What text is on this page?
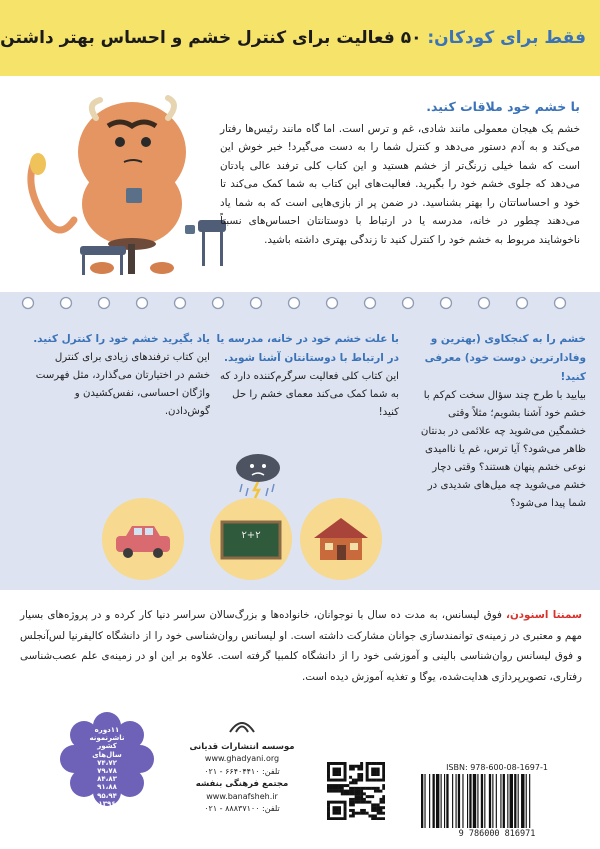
فقط برای کودکان: ۵۰ فعالیت برای کنترل خشم و احساس بهتر داشتن
با خشم خود ملاقات کنید.

خشم یک هیجان معمولی مانند شادی، غم و ترس است. اما گاه مانند رئیس‌ها رفتار می‌کند و به آدم دستور می‌دهد و کنترل شما را به دست می‌گیرد! خبر خوش این است که شما خیلی زرنگ‌تر از خشم هستید و این کتاب کلی ترفند عالی یادتان می‌دهد که جلوی خشم خود را بگیرید. فعالیت‌های این کتاب به شما کمک می‌کند تا خود و احساساتتان را بهتر بشناسید. در ضمن پر از بازی‌هایی است که به شما یاد می‌دهند چطور در خانه، مدرسه یا در ارتباط با دوستانتان احساس‌های نسبتاً ناخوشایند مربوط به خشم خود را کنترل کنید تا زندگی بهتری داشته باشید.

خشم را به کنجکاوی (بهترین و وفادارترین دوست خود) معرفی کنید!
بیایید با طرح چند سؤال سخت کم‌کم با خشم خود آشنا بشویم؛ مثلاً وقتی خشمگین می‌شوید چه علائمی در بدنتان ظاهر می‌شود؟ آیا ترس، غم یا ناامیدی نوعی خشم پنهان هستند؟ وقتی دچار خشم می‌شوید چه میل‌های شدیدی در شما پیدا می‌شود؟
با علت خشم خود در خانه، مدرسه یا در ارتباط با دوستانتان آشنا شوید.
این کتاب کلی فعالیت سرگرم‌کننده دارد که به شما کمک می‌کند معمای خشم را حل کنید!
یاد بگیرید خشم خود را کنترل کنید.
این کتاب ترفندهای زیادی برای کنترل خشم در اختیارتان می‌گذارد، مثل فهرست واژگان احساسی، نفس‌کشیدن و گوش‌دادن.
۲+۲
سمنتا اسنودن، فوق لیسانس، به مدت ده سال با نوجوانان، خانواده‌ها و بزرگ‌سالان سراسر دنیا کار کرده و در پروژه‌های بسیار مهم و معتبری در زمینه‌ی توانمندسازی جوانان مشارکت داشته است. او لیسانس روان‌شناسی خود را از دانشگاه کالیفرنیا لس‌آنجلس و فوق لیسانس روان‌شناسی بالینی و آموزشی خود را از دانشگاه کلمبیا گرفته است. علاوه بر این او در زمینه‌ی علم عصب‌شناسی رفتاری، تصویرپردازی هدایت‌شده، یوگا و تغذیه آموزش دیده است.
۱۱دوره
ناشرنمونه
کشور
سال‌های
۷۴،۷۲
۷۹،۷۸
۸۴،۸۳
۹۱،۸۸
۹۵،۹۴
۱۳۹۶
موسسه انتشارات قدیانی
www.ghadyani.org
تلفن: ۶۶۴۰۴۴۱۰ - ۰۲۱
مجتمع فرهنگی بنفشه
www.banafsheh.ir
تلفن: ۸۸۸۳۷۱۰۰ - ۰۲۱
ISBN: 978-600-08-1697-1
9 786000 816971
